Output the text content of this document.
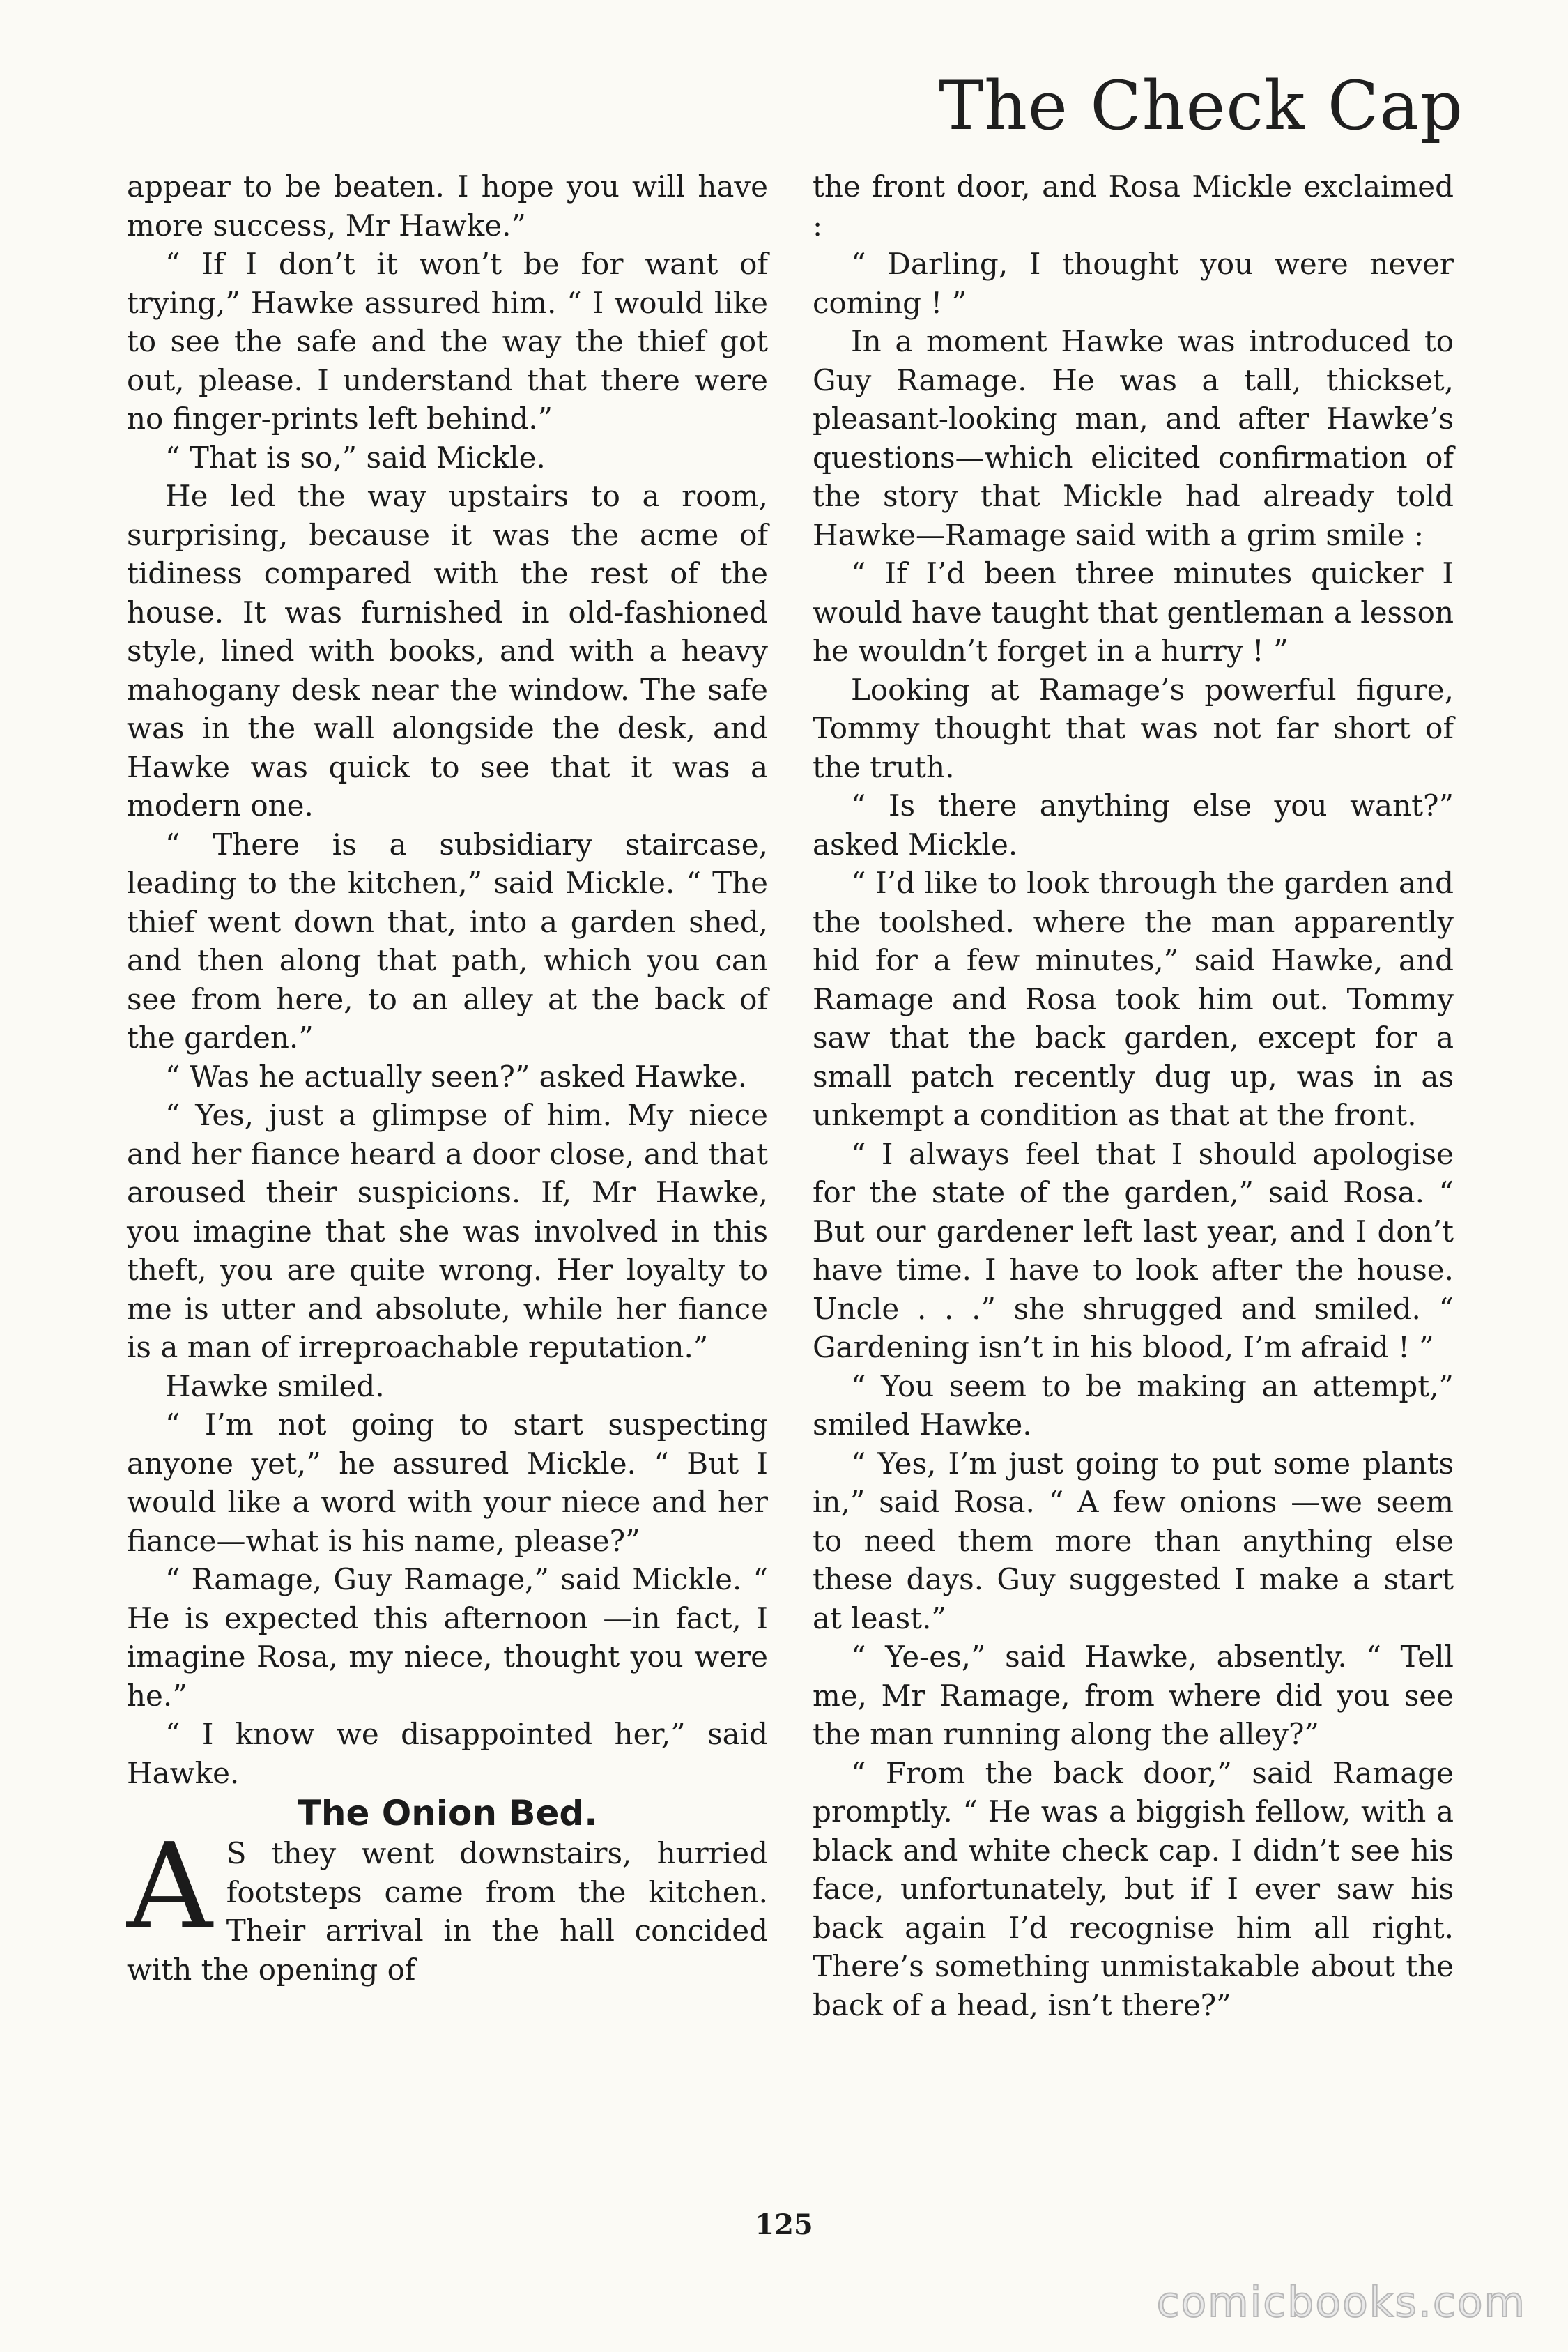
The Check Cap

appear to be beaten. I hope you will have more success, Mr Hawke.”

“ If I don’t it won’t be for want of trying,” Hawke assured him. “ I would like to see the safe and the way the thief got out, please. I understand that there were no finger-prints left behind.”

“ That is so,” said Mickle.

He led the way upstairs to a room, surprising, because it was the acme of tidiness compared with the rest of the house. It was furnished in old-fashioned style, lined with books, and with a heavy mahogany desk near the window. The safe was in the wall alongside the desk, and Hawke was quick to see that it was a modern one.

“ There is a subsidiary staircase, leading to the kitchen,” said Mickle. “ The thief went down that, into a garden shed, and then along that path, which you can see from here, to an alley at the back of the garden.”

“ Was he actually seen?” asked Hawke.

“ Yes, just a glimpse of him. My niece and her fiance heard a door close, and that aroused their suspicions. If, Mr Hawke, you imagine that she was involved in this theft, you are quite wrong. Her loyalty to me is utter and absolute, while her fiance is a man of irreproachable reputation.”

Hawke smiled.

“ I’m not going to start suspecting anyone yet,” he assured Mickle. “ But I would like a word with your niece and her fiance—what is his name, please?”

“ Ramage, Guy Ramage,” said Mickle. “ He is expected this afternoon —in fact, I imagine Rosa, my niece, thought you were he.”

“ I know we disappointed her,” said Hawke.

The Onion Bed.

A S they went downstairs, hurried footsteps came from the kitchen. Their arrival in the hall concided with the opening of

the front door, and Rosa Mickle exclaimed :

“ Darling, I thought you were never coming ! ”

In a moment Hawke was introduced to Guy Ramage. He was a tall, thickset, pleasant-looking man, and after Hawke’s questions—which elicited confirmation of the story that Mickle had already told Hawke—Ramage said with a grim smile :

“ If I’d been three minutes quicker I would have taught that gentleman a lesson he wouldn’t forget in a hurry ! ”

Looking at Ramage’s powerful figure, Tommy thought that was not far short of the truth.

“ Is there anything else you want?” asked Mickle.

“ I’d like to look through the garden and the toolshed. where the man apparently hid for a few minutes,” said Hawke, and Ramage and Rosa took him out. Tommy saw that the back garden, except for a small patch recently dug up, was in as unkempt a condition as that at the front.

“ I always feel that I should apologise for the state of the garden,” said Rosa. “ But our gardener left last year, and I don’t have time. I have to look after the house. Uncle . . .” she shrugged and smiled. “ Gardening isn’t in his blood, I’m afraid ! ”

“ You seem to be making an attempt,” smiled Hawke.

“ Yes, I’m just going to put some plants in,” said Rosa. “ A few onions —we seem to need them more than anything else these days. Guy suggested I make a start at least.”

“ Ye-es,” said Hawke, absently. “ Tell me, Mr Ramage, from where did you see the man running along the alley?”

“ From the back door,” said Ramage promptly. “ He was a biggish fellow, with a black and white check cap. I didn’t see his face, unfortunately, but if I ever saw his back again I’d recognise him all right. There’s something unmistakable about the back of a head, isn’t there?”

125
comicbooks.com
